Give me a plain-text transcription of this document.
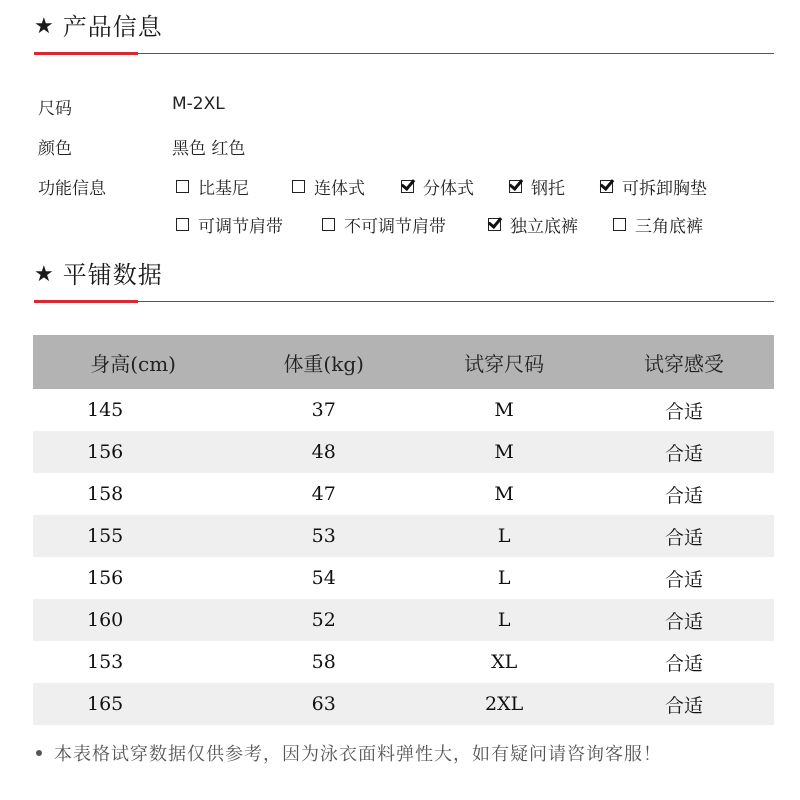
★ 产品信息
尺码	M-2XL
颜色	黑色 红色
功能信息	比基尼	连体式	分体式	钢托	可拆卸胸垫
可调节肩带	不可调节肩带	独立底裤	三角底裤
★ 平铺数据
身高(cm)	体重(kg)	试穿尺码	试穿感受
145	37	M	合适
156	48	M	合适
158	47	M	合适
155	53	L	合适
156	54	L	合适
160	52	L	合适
153	58	XL	合适
165	63	2XL	合适
本表格试穿数据仅供参考，因为泳衣面料弹性大，如有疑问请咨询客服！
